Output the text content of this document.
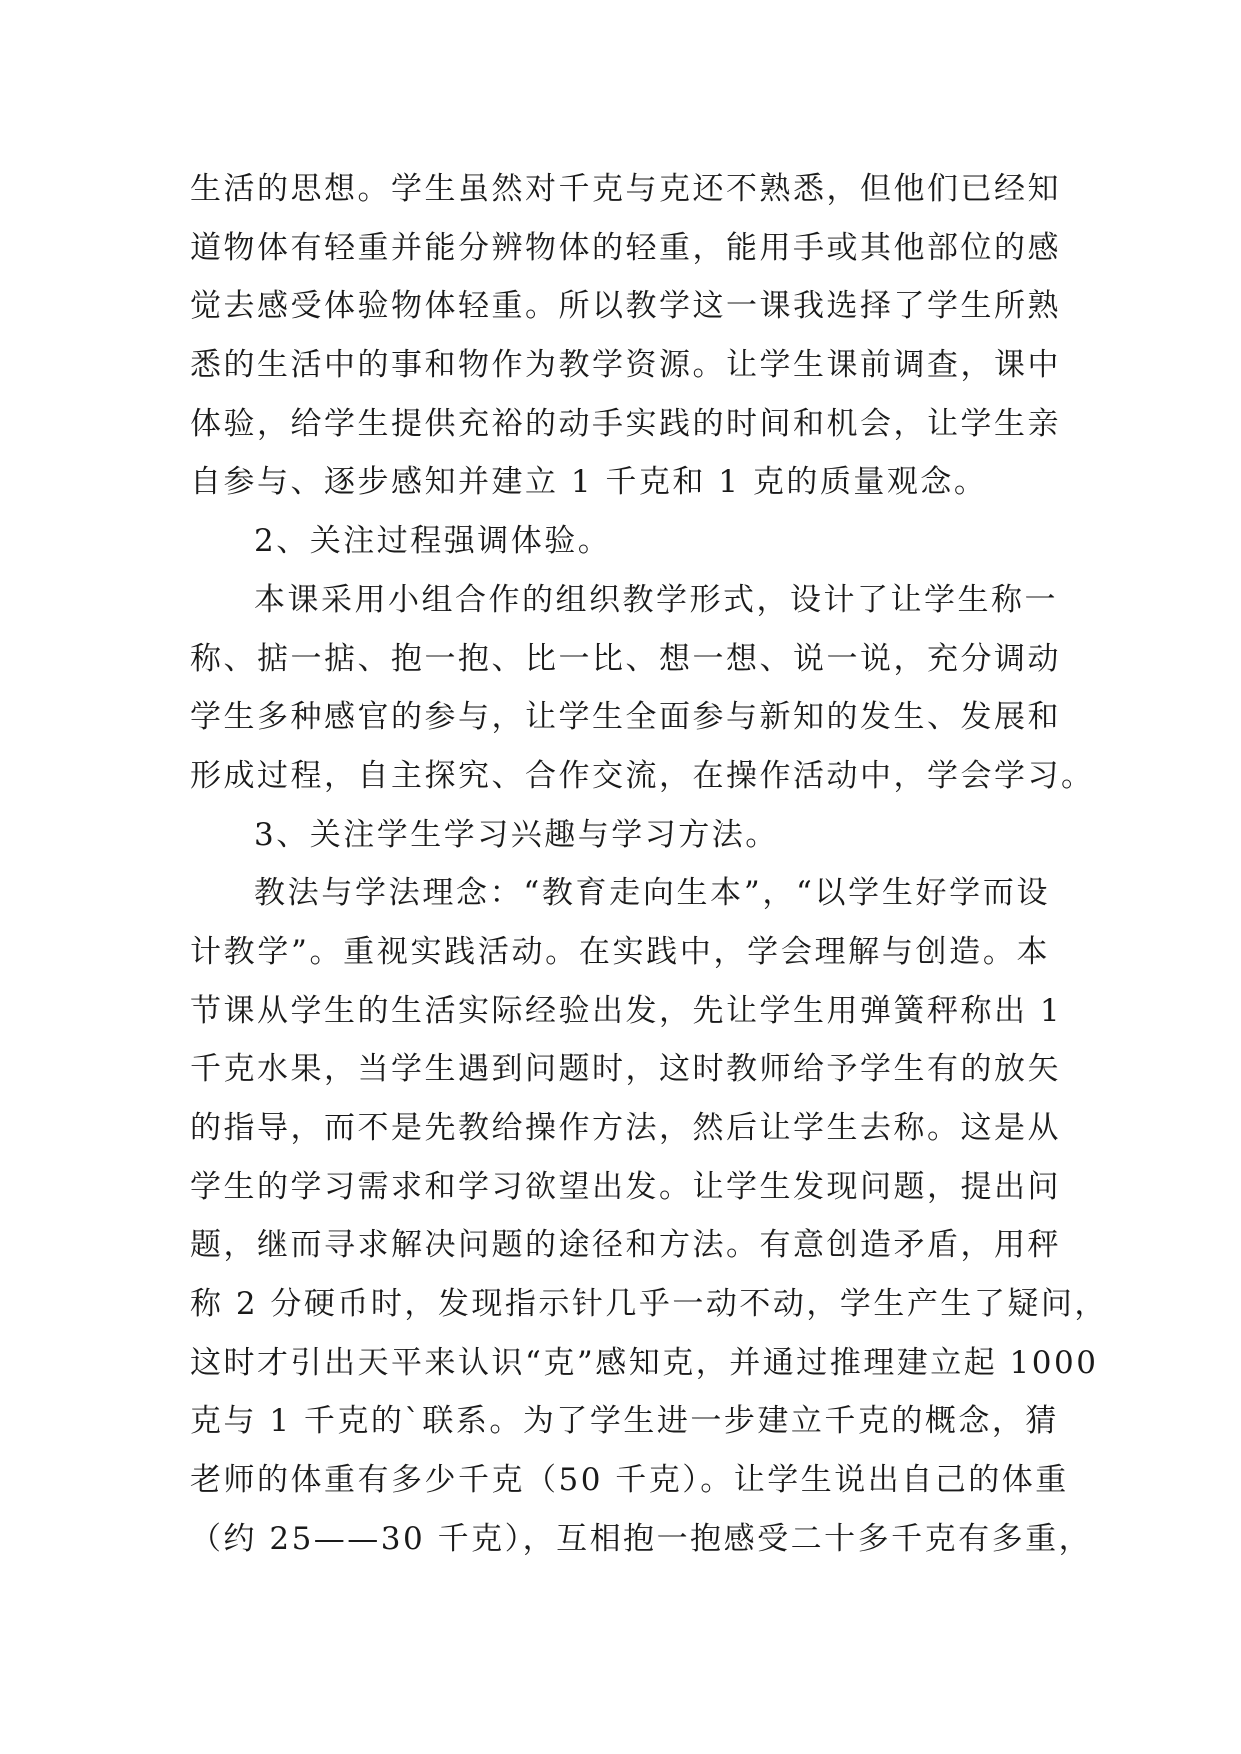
生活的思想。学生虽然对千克与克还不熟悉，但他们已经知
道物体有轻重并能分辨物体的轻重，能用手或其他部位的感
觉去感受体验物体轻重。所以教学这一课我选择了学生所熟
悉的生活中的事和物作为教学资源。让学生课前调查，课中
体验，给学生提供充裕的动手实践的时间和机会，让学生亲
自参与、逐步感知并建立 1 千克和 1 克的质量观念。
2、关注过程强调体验。
本课采用小组合作的组织教学形式，设计了让学生称一
称、掂一掂、抱一抱、比一比、想一想、说一说，充分调动
学生多种感官的参与，让学生全面参与新知的发生、发展和
形成过程，自主探究、合作交流，在操作活动中，学会学习。
3、关注学生学习兴趣与学习方法。
教法与学法理念：“教育走向生本”，“以学生好学而设
计教学”。重视实践活动。在实践中，学会理解与创造。本
节课从学生的生活实际经验出发，先让学生用弹簧秤称出 1
千克水果，当学生遇到问题时，这时教师给予学生有的放矢
的指导，而不是先教给操作方法，然后让学生去称。这是从
学生的学习需求和学习欲望出发。让学生发现问题，提出问
题，继而寻求解决问题的途径和方法。有意创造矛盾，用秤
称 2 分硬币时，发现指示针几乎一动不动，学生产生了疑问，
这时才引出天平来认识“克”感知克，并通过推理建立起 1000
克与 1 千克的`联系。为了学生进一步建立千克的概念，猜
老师的体重有多少千克（50 千克）。让学生说出自己的体重
（约 25——30 千克），互相抱一抱感受二十多千克有多重，
